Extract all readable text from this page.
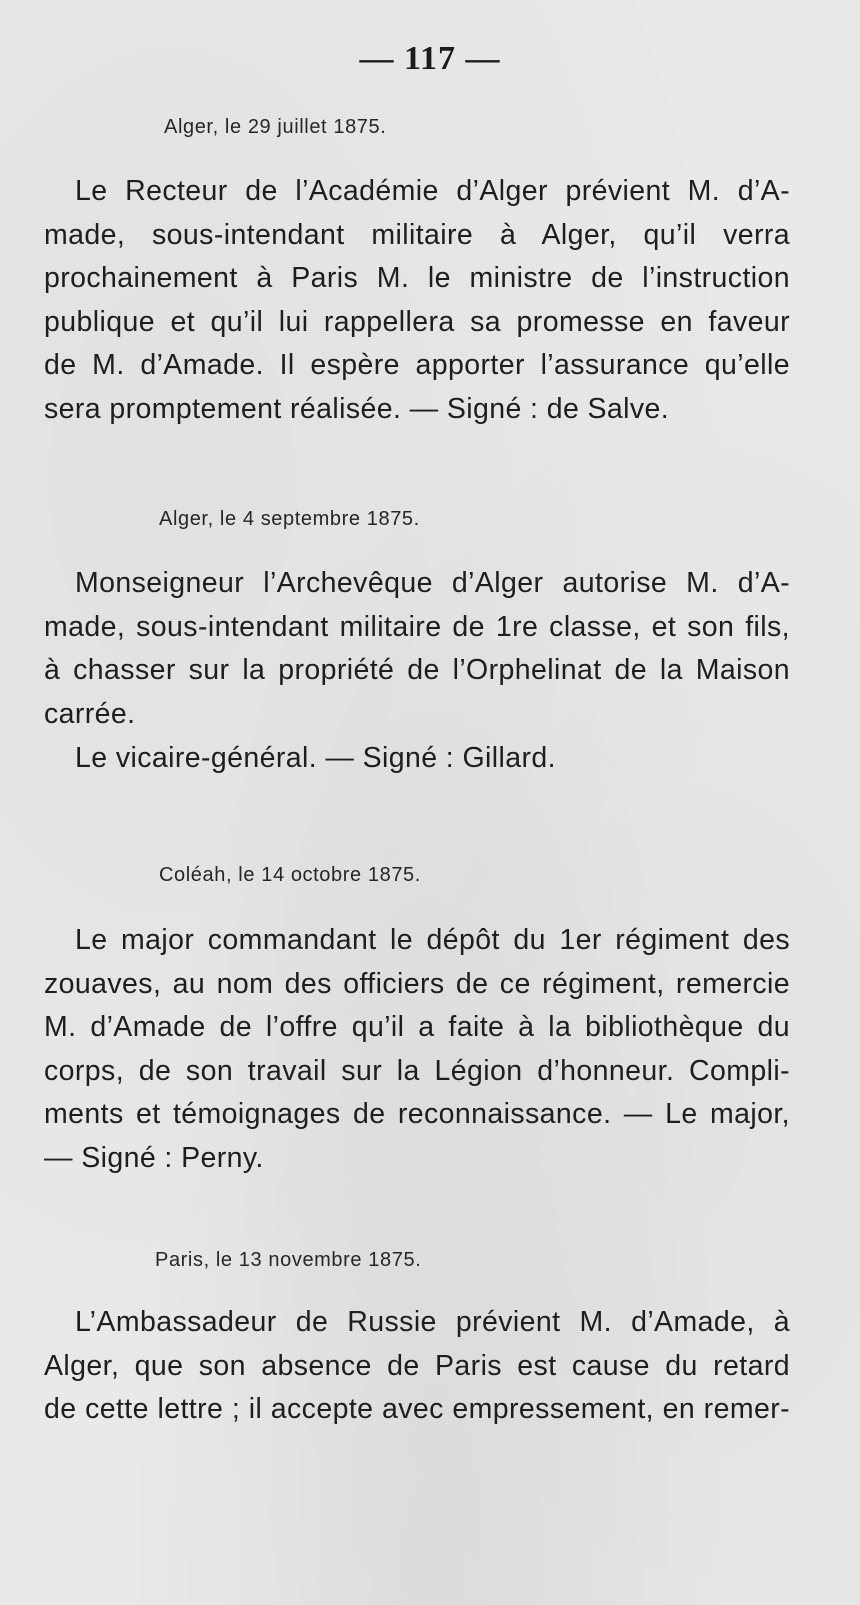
— 117 —
Alger, le 29 juillet 1875.
Le Recteur de l’Académie d’Alger prévient M. d’A-
made, sous-intendant militaire à Alger, qu’il verra
prochainement à Paris M. le ministre de l’instruction
publique et qu’il lui rappellera sa promesse en faveur
de M. d’Amade. Il espère apporter l’assurance qu’elle
sera promptement réalisée. — Signé : de Salve.
Alger, le 4 septembre 1875.
Monseigneur l’Archevêque d’Alger autorise M. d’A-
made, sous-intendant militaire de 1re classe, et son fils,
à chasser sur la propriété de l’Orphelinat de la Maison
carrée.
Le vicaire-général. — Signé : Gillard.
Coléah, le 14 octobre 1875.
Le major commandant le dépôt du 1er régiment des
zouaves, au nom des officiers de ce régiment, remercie
M. d’Amade de l’offre qu’il a faite à la bibliothèque du
corps, de son travail sur la Légion d’honneur. Compli-
ments et témoignages de reconnaissance. — Le major,
— Signé : Perny.
Paris, le 13 novembre 1875.
L’Ambassadeur de Russie prévient M. d’Amade, à
Alger, que son absence de Paris est cause du retard
de cette lettre ; il accepte avec empressement, en remer-
